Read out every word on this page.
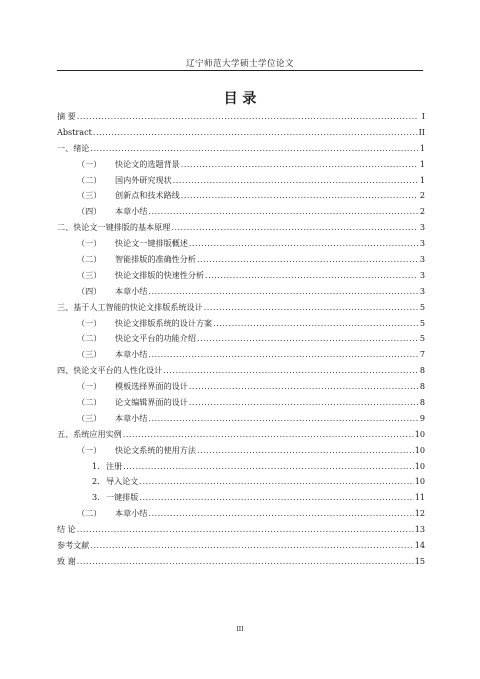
辽宁师范大学硕士学位论文
目 录
摘 要 .....	I
Abstract .....	II
一、绪论 .....	1
（一）	快论文的选题背景 .....	1
（二）	国内外研究现状 .....	1
（三）	创新点和技术路线 .....	2
（四）	本章小结 .....	2
二、快论文一键排版的基本原理 .....	3
（一）	快论文一键排版概述 .....	3
（二）	智能排版的准确性分析 .....	3
（三）	快论文排版的快速性分析 .....	3
（四）	本章小结 .....	3
三、基于人工智能的快论文排版系统设计 .....	5
（一）	快论文排版系统的设计方案 .....	5
（二）	快论文平台的功能介绍 .....	5
（三）	本章小结 .....	7
四、快论文平台的人性化设计 .....	8
（一）	模板选择界面的设计 .....	8
（二）	论文编辑界面的设计 .....	8
（三）	本章小结 .....	9
五、系统应用实例 .....	10
（一）	快论文系统的使用方法 .....	10
1. 注册 .....	10
2. 导入论文 .....	10
3. 一键排版 .....	11
（二）	本章小结 .....	12
结 论 .....	13
参考文献 .....	14
致 谢 .....	15
III
